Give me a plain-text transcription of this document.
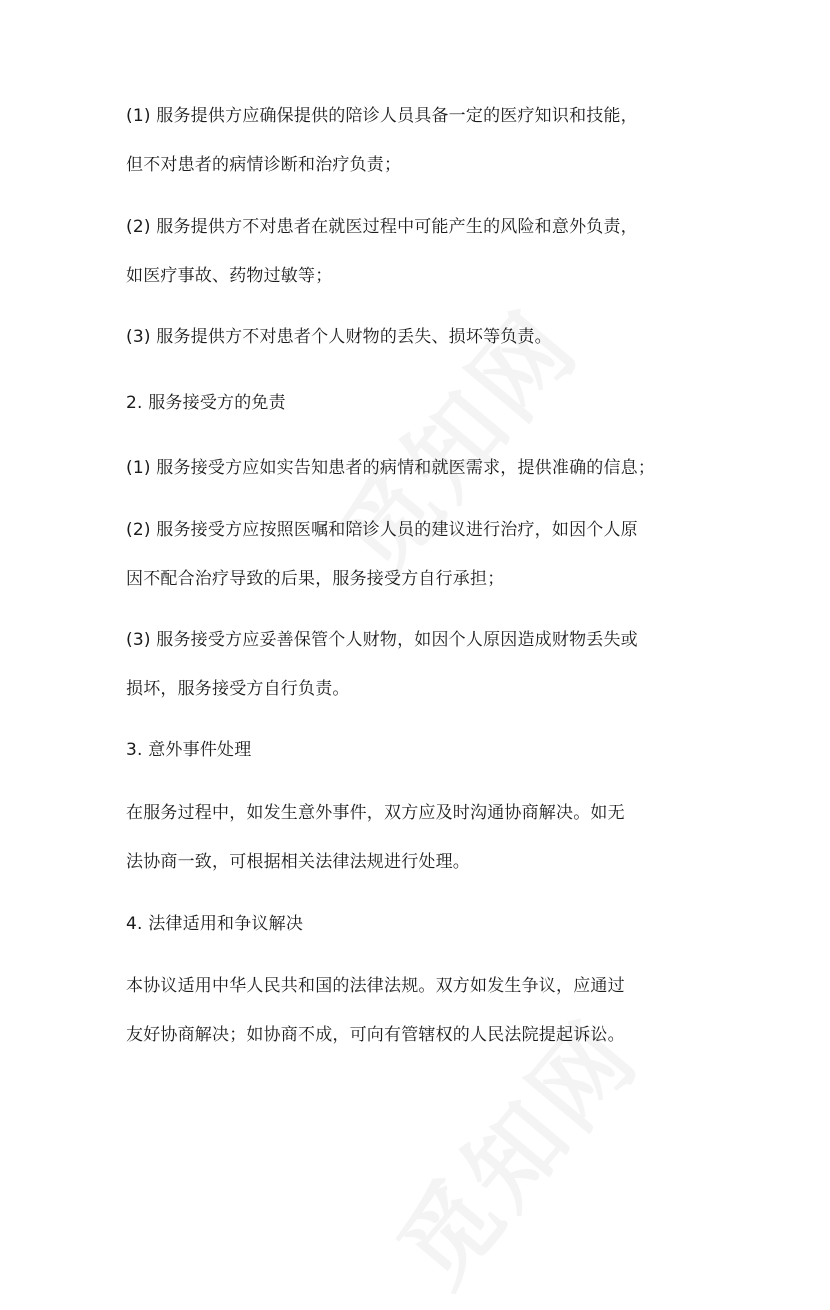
(1) 服务提供方应确保提供的陪诊人员具备一定的医疗知识和技能，
但不对患者的病情诊断和治疗负责；
(2) 服务提供方不对患者在就医过程中可能产生的风险和意外负责，
如医疗事故、药物过敏等；
(3) 服务提供方不对患者个人财物的丢失、损坏等负责。
2. 服务接受方的免责
(1) 服务接受方应如实告知患者的病情和就医需求，提供准确的信息；
(2) 服务接受方应按照医嘱和陪诊人员的建议进行治疗，如因个人原
因不配合治疗导致的后果，服务接受方自行承担；
(3) 服务接受方应妥善保管个人财物，如因个人原因造成财物丢失或
损坏，服务接受方自行负责。
3. 意外事件处理
在服务过程中，如发生意外事件，双方应及时沟通协商解决。如无
法协商一致，可根据相关法律法规进行处理。
4. 法律适用和争议解决
本协议适用中华人民共和国的法律法规。双方如发生争议，应通过
友好协商解决；如协商不成，可向有管辖权的人民法院提起诉讼。
